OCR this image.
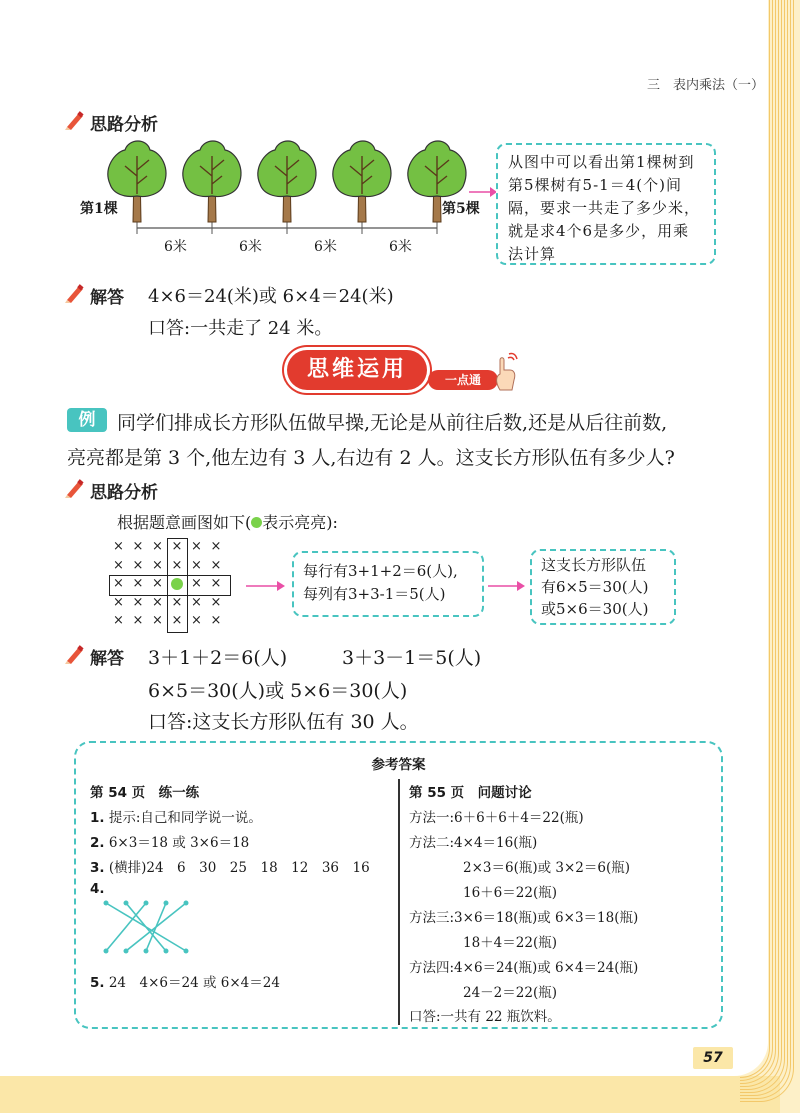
三　表内乘法（一）
思路分析
第1棵	第5棵
6米	6米	6米	6米
从图中可以看出第1棵树到第5棵树有5-1＝4(个)间隔，要求一共走了多少米，就是求4个6是多少，用乘法计算
解答 4×6＝24(米)或 6×4＝24(米)
口答:一共走了 24 米。
思维运用	一点通
例	同学们排成长方形队伍做早操,无论是从前往后数,还是从后往前数,
亮亮都是第 3 个,他左边有 3 人,右边有 2 人。这支长方形队伍有多少人?
思路分析
根据题意画图如下( 表示亮亮):
× × × × × ×
× × × × × ×
× × × × ×
× × × × × ×
× × × × × ×
每行有3+1+2＝6(人),
每列有3+3-1＝5(人)
这支长方形队伍
有6×5＝30(人)
或5×6＝30(人)
解答 3＋1＋2＝6(人)	3＋3－1＝5(人)
6×5＝30(人)或 5×6＝30(人)
口答:这支长方形队伍有 30 人。
参考答案
第 54 页　练一练
1. 提示:自己和同学说一说。
2. 6×3＝18 或 3×6＝18
3. (横排)24　6　30　25　18　12　36　16
4.
5. 24　4×6＝24 或 6×4＝24
第 55 页　问题讨论
方法一:6＋6＋6＋4＝22(瓶)
方法二:4×4＝16(瓶)
2×3＝6(瓶)或 3×2＝6(瓶)
16＋6＝22(瓶)
方法三:3×6＝18(瓶)或 6×3＝18(瓶)
18＋4＝22(瓶)
方法四:4×6＝24(瓶)或 6×4＝24(瓶)
24－2＝22(瓶)
口答:一共有 22 瓶饮料。
57
